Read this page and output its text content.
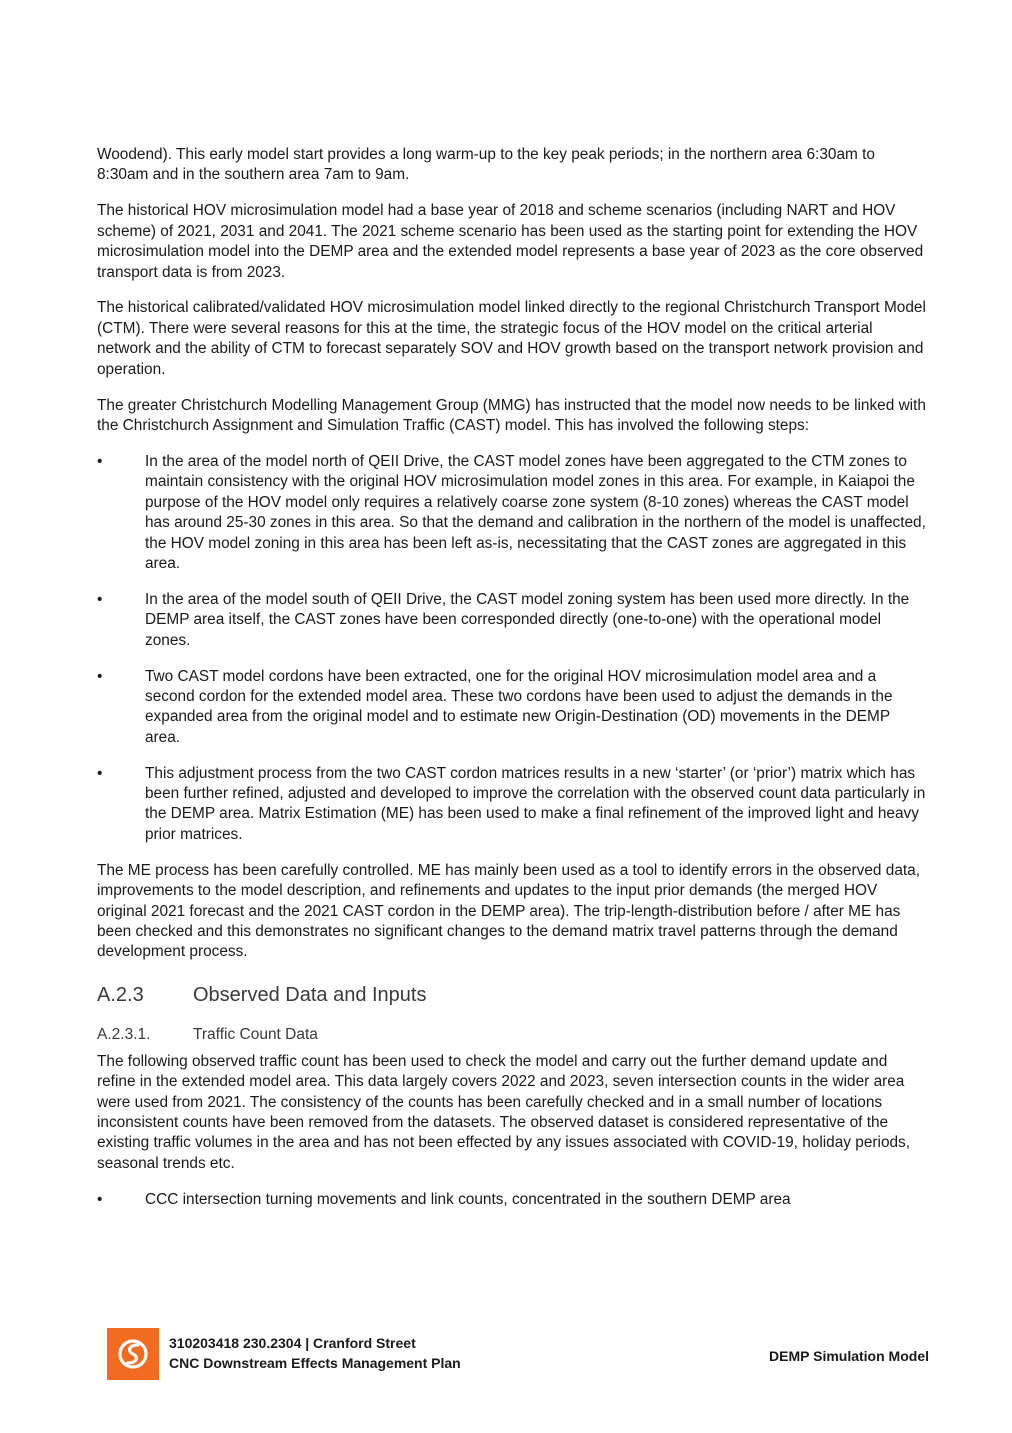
Woodend). This early model start provides a long warm-up to the key peak periods; in the northern area 6:30am to 8:30am and in the southern area 7am to 9am.

The historical HOV microsimulation model had a base year of 2018 and scheme scenarios (including NART and HOV scheme) of 2021, 2031 and 2041. The 2021 scheme scenario has been used as the starting point for extending the HOV microsimulation model into the DEMP area and the extended model represents a base year of 2023 as the core observed transport data is from 2023.

The historical calibrated/validated HOV microsimulation model linked directly to the regional Christchurch Transport Model (CTM). There were several reasons for this at the time, the strategic focus of the HOV model on the critical arterial network and the ability of CTM to forecast separately SOV and HOV growth based on the transport network provision and operation.

The greater Christchurch Modelling Management Group (MMG) has instructed that the model now needs to be linked with the Christchurch Assignment and Simulation Traffic (CAST) model. This has involved the following steps:

•	In the area of the model north of QEII Drive, the CAST model zones have been aggregated to the CTM zones to maintain consistency with the original HOV microsimulation model zones in this area. For example, in Kaiapoi the purpose of the HOV model only requires a relatively coarse zone system (8-10 zones) whereas the CAST model has around 25-30 zones in this area. So that the demand and calibration in the northern of the model is unaffected, the HOV model zoning in this area has been left as-is, necessitating that the CAST zones are aggregated in this area.
•	In the area of the model south of QEII Drive, the CAST model zoning system has been used more directly. In the DEMP area itself, the CAST zones have been corresponded directly (one-to-one) with the operational model zones.
•	Two CAST model cordons have been extracted, one for the original HOV microsimulation model area and a second cordon for the extended model area. These two cordons have been used to adjust the demands in the expanded area from the original model and to estimate new Origin-Destination (OD) movements in the DEMP area.
•	This adjustment process from the two CAST cordon matrices results in a new ‘starter’ (or ‘prior’) matrix which has been further refined, adjusted and developed to improve the correlation with the observed count data particularly in the DEMP area. Matrix Estimation (ME) has been used to make a final refinement of the improved light and heavy prior matrices.

The ME process has been carefully controlled. ME has mainly been used as a tool to identify errors in the observed data, improvements to the model description, and refinements and updates to the input prior demands (the merged HOV original 2021 forecast and the 2021 CAST cordon in the DEMP area). The trip-length-distribution before / after ME has been checked and this demonstrates no significant changes to the demand matrix travel patterns through the demand development process.

A.2.3 Observed Data and Inputs
A.2.3.1.	Traffic Count Data

The following observed traffic count has been used to check the model and carry out the further demand update and refine in the extended model area. This data largely covers 2022 and 2023, seven intersection counts in the wider area were used from 2021. The consistency of the counts has been carefully checked and in a small number of locations inconsistent counts have been removed from the datasets. The observed dataset is considered representative of the existing traffic volumes in the area and has not been effected by any issues associated with COVID-19, holiday periods, seasonal trends etc.

•	CCC intersection turning movements and link counts, concentrated in the southern DEMP area
310203418 230.2304 | Cranford Street
CNC Downstream Effects Management Plan	DEMP Simulation Model
